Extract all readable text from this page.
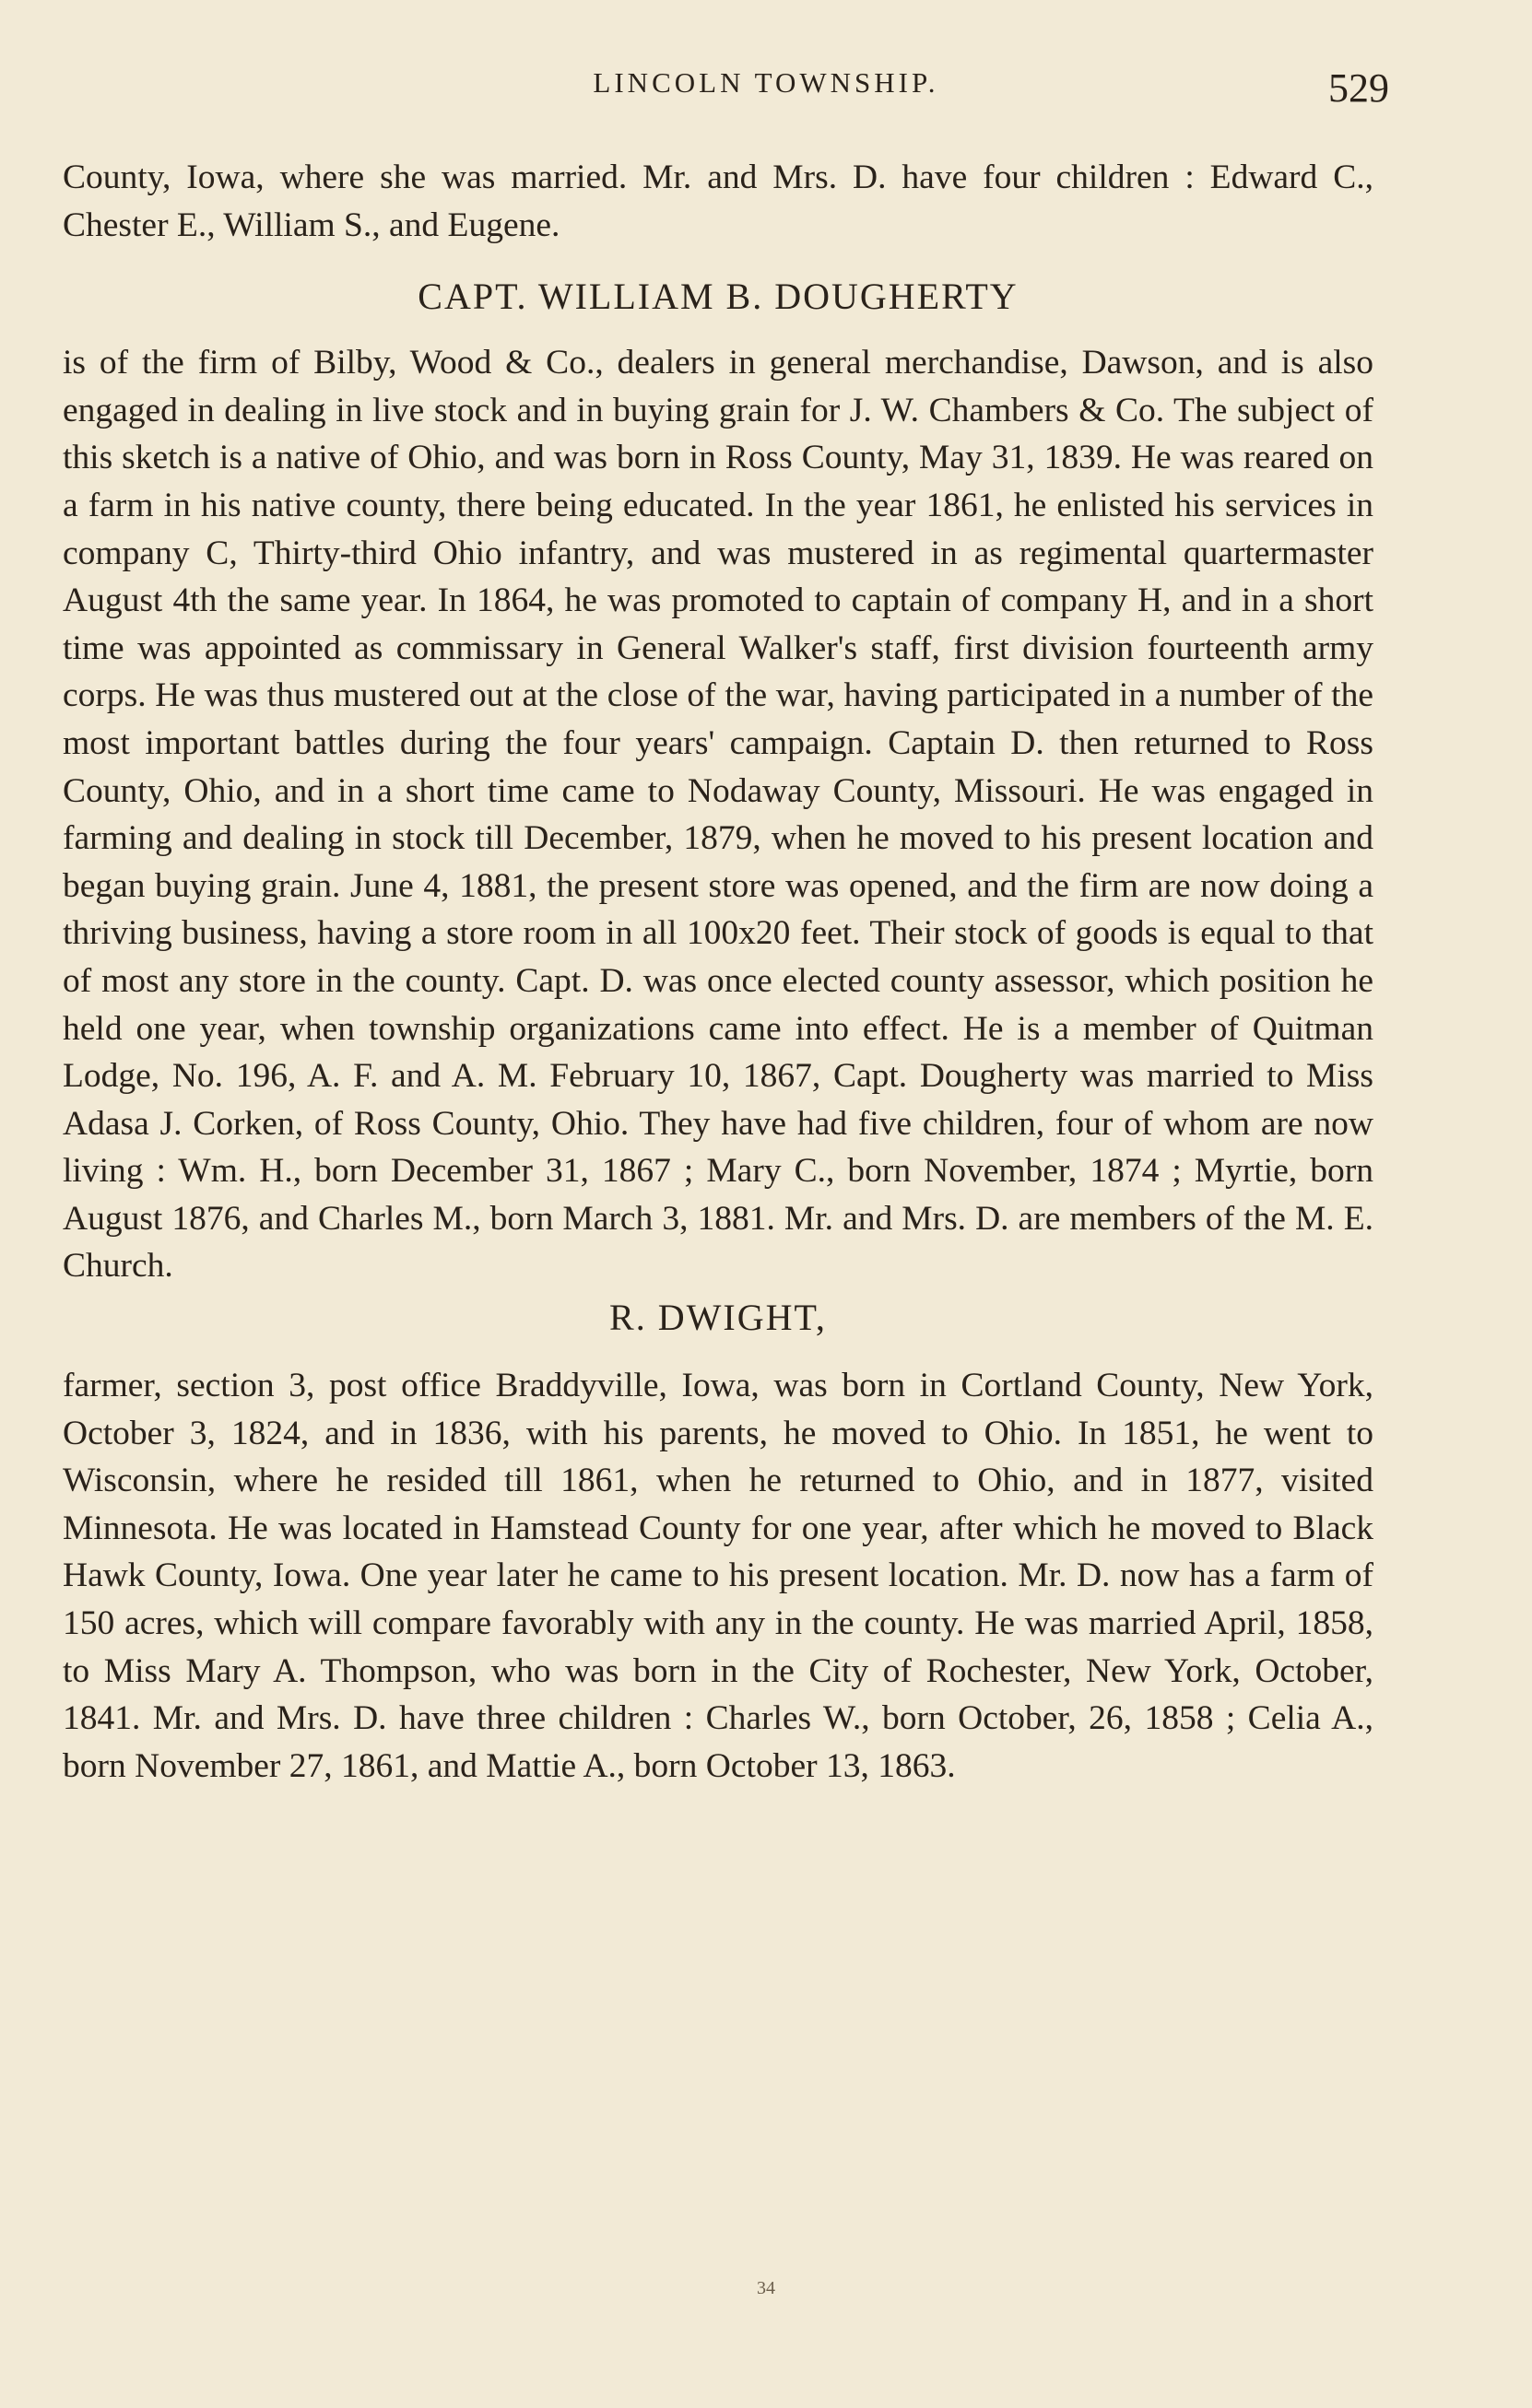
LINCOLN TOWNSHIP.	529

County, Iowa, where she was married. Mr. and Mrs. D. have four children : Edward C., Chester E., William S., and Eugene.

CAPT. WILLIAM B. DOUGHERTY

is of the firm of Bilby, Wood & Co., dealers in general merchandise, Dawson, and is also engaged in dealing in live stock and in buying grain for J. W. Chambers & Co. The subject of this sketch is a native of Ohio, and was born in Ross County, May 31, 1839. He was reared on a farm in his native county, there being educated. In the year 1861, he enlisted his services in company C, Thirty-third Ohio infantry, and was mustered in as regimental quartermaster August 4th the same year. In 1864, he was promoted to captain of company H, and in a short time was appointed as commissary in General Walker's staff, first division fourteenth army corps. He was thus mustered out at the close of the war, having participated in a number of the most important battles during the four years' campaign. Captain D. then returned to Ross County, Ohio, and in a short time came to Nodaway County, Missouri. He was engaged in farming and dealing in stock till December, 1879, when he moved to his present location and began buying grain. June 4, 1881, the present store was opened, and the firm are now doing a thriving business, having a store room in all 100x20 feet. Their stock of goods is equal to that of most any store in the county. Capt. D. was once elected county assessor, which position he held one year, when township organizations came into effect. He is a member of Quitman Lodge, No. 196, A. F. and A. M. February 10, 1867, Capt. Dougherty was married to Miss Adasa J. Corken, of Ross County, Ohio. They have had five children, four of whom are now living : Wm. H., born December 31, 1867 ; Mary C., born November, 1874 ; Myrtie, born August 1876, and Charles M., born March 3, 1881. Mr. and Mrs. D. are members of the M. E. Church.

R. DWIGHT,

farmer, section 3, post office Braddyville, Iowa, was born in Cortland County, New York, October 3, 1824, and in 1836, with his parents, he moved to Ohio. In 1851, he went to Wisconsin, where he resided till 1861, when he returned to Ohio, and in 1877, visited Minnesota. He was located in Hamstead County for one year, after which he moved to Black Hawk County, Iowa. One year later he came to his present location. Mr. D. now has a farm of 150 acres, which will compare favorably with any in the county. He was married April, 1858, to Miss Mary A. Thompson, who was born in the City of Rochester, New York, October, 1841. Mr. and Mrs. D. have three children : Charles W., born October, 26, 1858 ; Celia A., born November 27, 1861, and Mattie A., born October 13, 1863.

34
